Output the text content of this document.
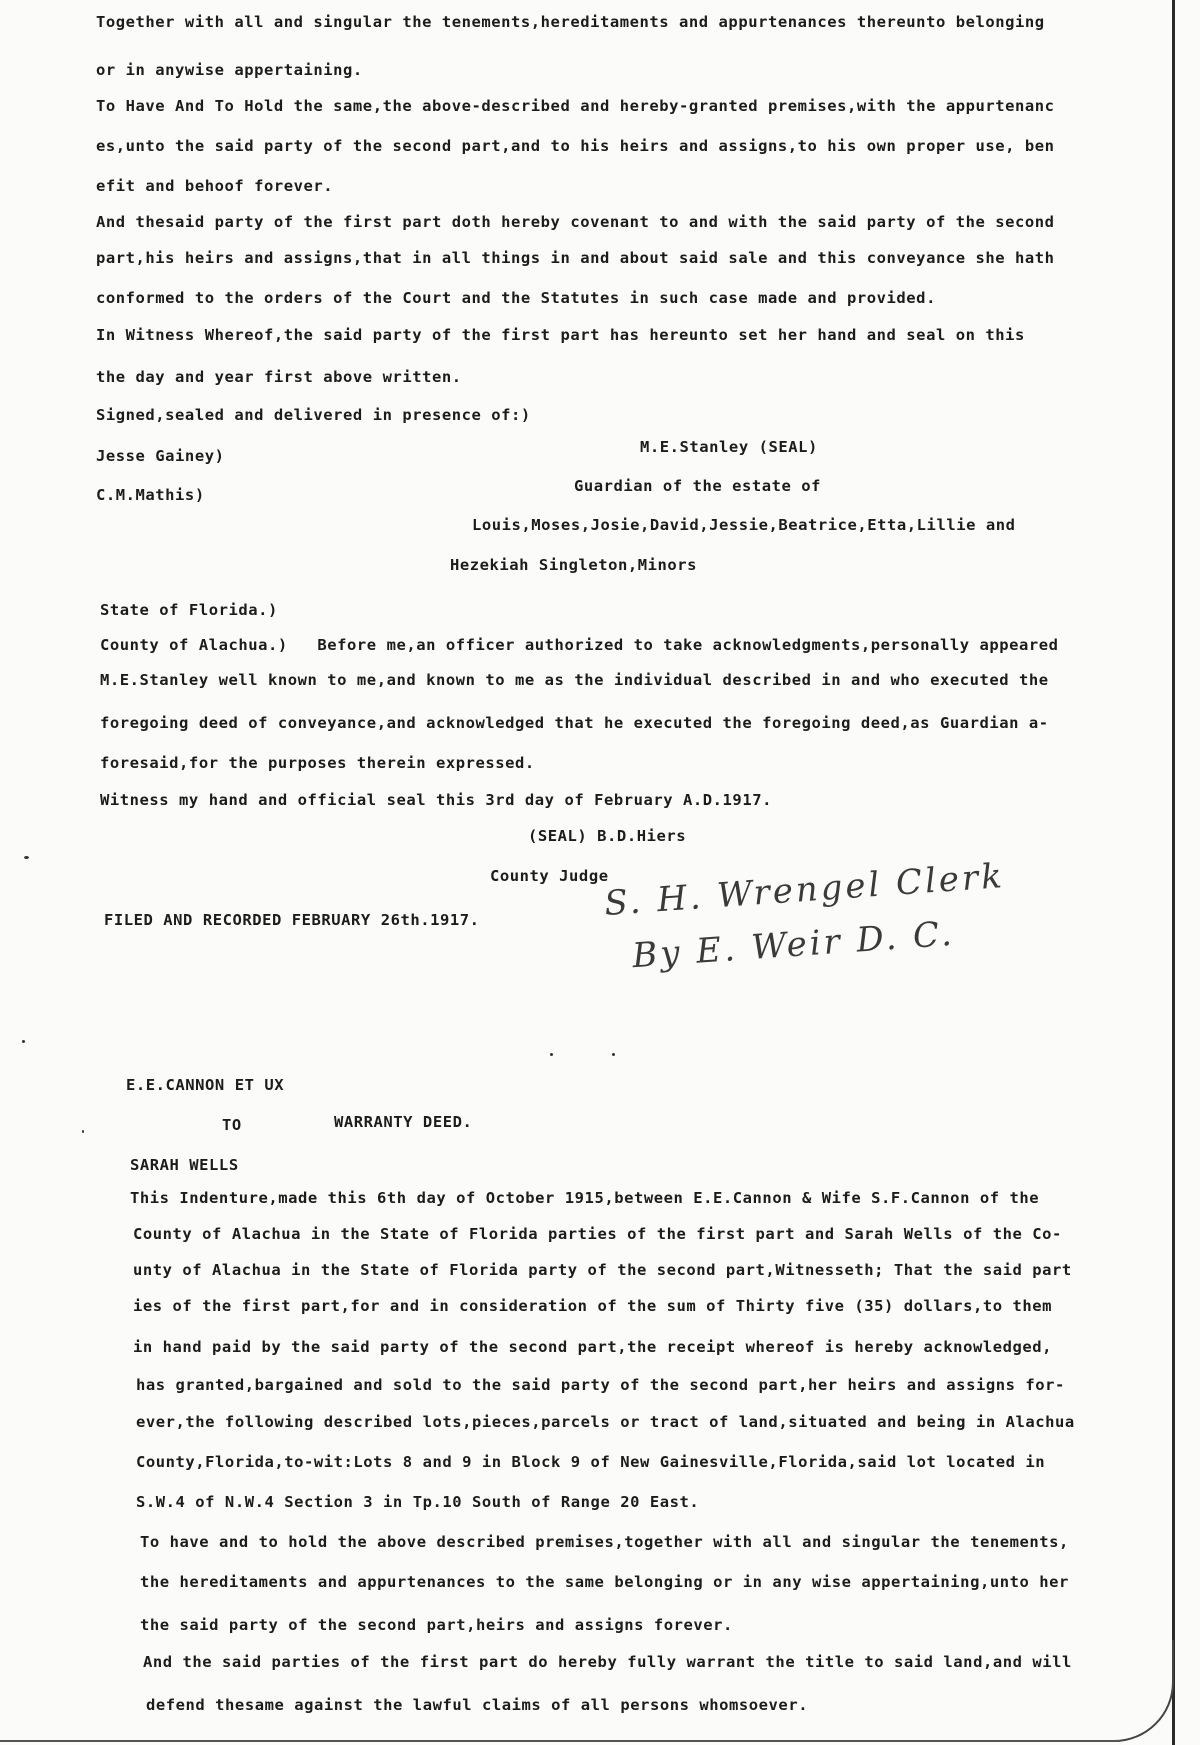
Together with all and singular the tenements,hereditaments and appurtenances thereunto belonging
or in anywise appertaining.
To Have And To Hold the same,the above-described and hereby-granted premises,with the appurtenanc
es,unto the said party of the second part,and to his heirs and assigns,to his own proper use, ben
efit and behoof forever.
And thesaid party of the first part doth hereby covenant to and with the said party of the second
part,his heirs and assigns,that in all things in and about said sale and this conveyance she hath
conformed to the orders of the Court and the Statutes in such case made and provided.
In Witness Whereof,the said party of the first part has hereunto set her hand and seal on this
the day and year first above written.
Signed,sealed and delivered in presence of:)
Jesse Gainey)	M.E.Stanley (SEAL)
C.M.Mathis)	Guardian of the estate of
Louis,Moses,Josie,David,Jessie,Beatrice,Etta,Lillie and
Hezekiah Singleton,Minors
State of Florida.)
County of Alachua.)   Before me,an officer authorized to take acknowledgments,personally appeared
M.E.Stanley well known to me,and known to me as the individual described in and who executed the
foregoing deed of conveyance,and acknowledged that he executed the foregoing deed,as Guardian a-
foresaid,for the purposes therein expressed.
Witness my hand and official seal this 3rd day of February A.D.1917.
(SEAL) B.D.Hiers
County Judge
FILED AND RECORDED FEBRUARY 26th.1917.	S. H. Wrengel Clerk
By E. Weir D. C.
E.E.CANNON ET UX
TO	WARRANTY DEED.
SARAH WELLS
This Indenture,made this 6th day of October 1915,between E.E.Cannon & Wife S.F.Cannon of the
County of Alachua in the State of Florida parties of the first part and Sarah Wells of the Co-
unty of Alachua in the State of Florida party of the second part,Witnesseth; That the said part
ies of the first part,for and in consideration of the sum of Thirty five (35) dollars,to them
in hand paid by the said party of the second part,the receipt whereof is hereby acknowledged,
has granted,bargained and sold to the said party of the second part,her heirs and assigns for-
ever,the following described lots,pieces,parcels or tract of land,situated and being in Alachua
County,Florida,to-wit:Lots 8 and 9 in Block 9 of New Gainesville,Florida,said lot located in
S.W.4 of N.W.4 Section 3 in Tp.10 South of Range 20 East.
To have and to hold the above described premises,together with all and singular the tenements,
the hereditaments and appurtenances to the same belonging or in any wise appertaining,unto her
the said party of the second part,heirs and assigns forever.
And the said parties of the first part do hereby fully warrant the title to said land,and will
defend thesame against the lawful claims of all persons whomsoever.
